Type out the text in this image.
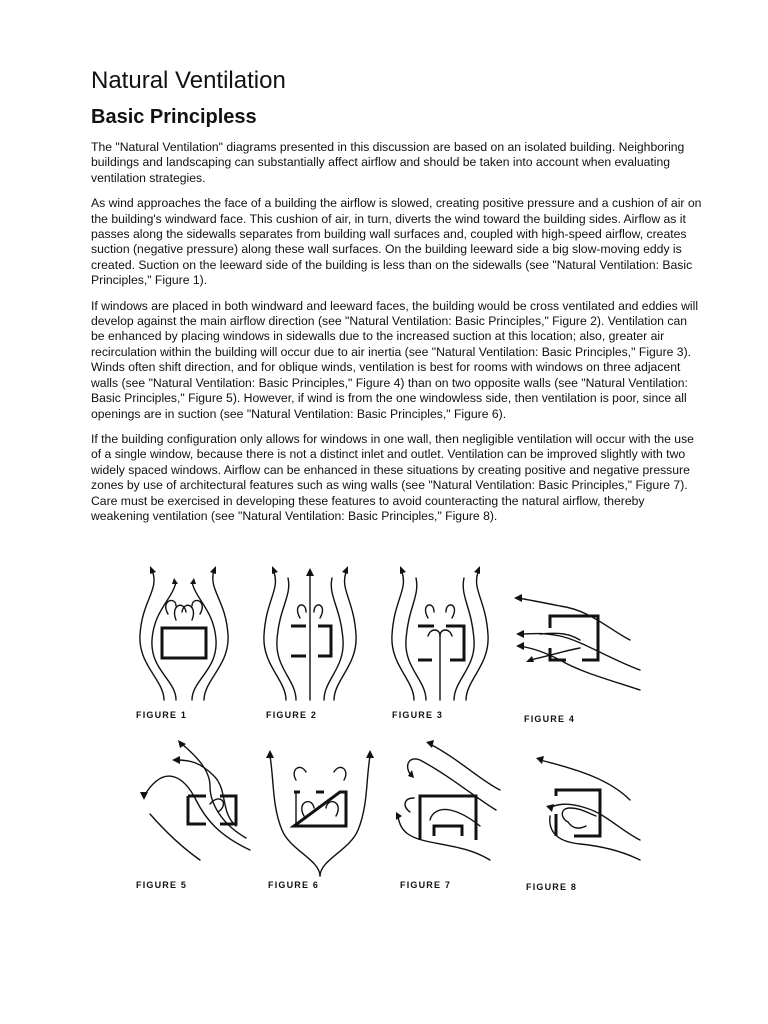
Natural Ventilation
Basic Principless

The "Natural Ventilation" diagrams presented in this discussion are based on an isolated building. Neighboring buildings and landscaping can substantially affect airflow and should be taken into account when evaluating ventilation strategies.

As wind approaches the face of a building the airflow is slowed, creating positive pressure and a cushion of air on the building's windward face. This cushion of air, in turn, diverts the wind toward the building sides. Airflow as it passes along the sidewalls separates from building wall surfaces and, coupled with high-speed airflow, creates suction (negative pressure) along these wall surfaces. On the building leeward side a big slow-moving eddy is created. Suction on the leeward side of the building is less than on the sidewalls (see "Natural Ventilation: Basic Principles," Figure 1).

If windows are placed in both windward and leeward faces, the building would be cross ventilated and eddies will develop against the main airflow direction (see "Natural Ventilation: Basic Principles," Figure 2). Ventilation can be enhanced by placing windows in sidewalls due to the increased suction at this location; also, greater air recirculation within the building will occur due to air inertia (see "Natural Ventilation: Basic Principles," Figure 3). Winds often shift direction, and for oblique winds, ventilation is best for rooms with windows on three adjacent walls (see "Natural Ventilation: Basic Principles," Figure 4) than on two opposite walls (see "Natural Ventilation: Basic Principles," Figure 5). However, if wind is from the one windowless side, then ventilation is poor, since all openings are in suction (see "Natural Ventilation: Basic Principles," Figure 6).

If the building configuration only allows for windows in one wall, then negligible ventilation will occur with the use of a single window, because there is not a distinct inlet and outlet. Ventilation can be improved slightly with two widely spaced windows. Airflow can be enhanced in these situations by creating positive and negative pressure zones by use of architectural features such as wing walls (see "Natural Ventilation: Basic Principles," Figure 7). Care must be exercised in developing these features to avoid counteracting the natural airflow, thereby weakening ventilation (see "Natural Ventilation: Basic Principles," Figure 8).

FIGURE 1	FIGURE 2	FIGURE 3	FIGURE 4
FIGURE 5	FIGURE 6	FIGURE 7	FIGURE 8
